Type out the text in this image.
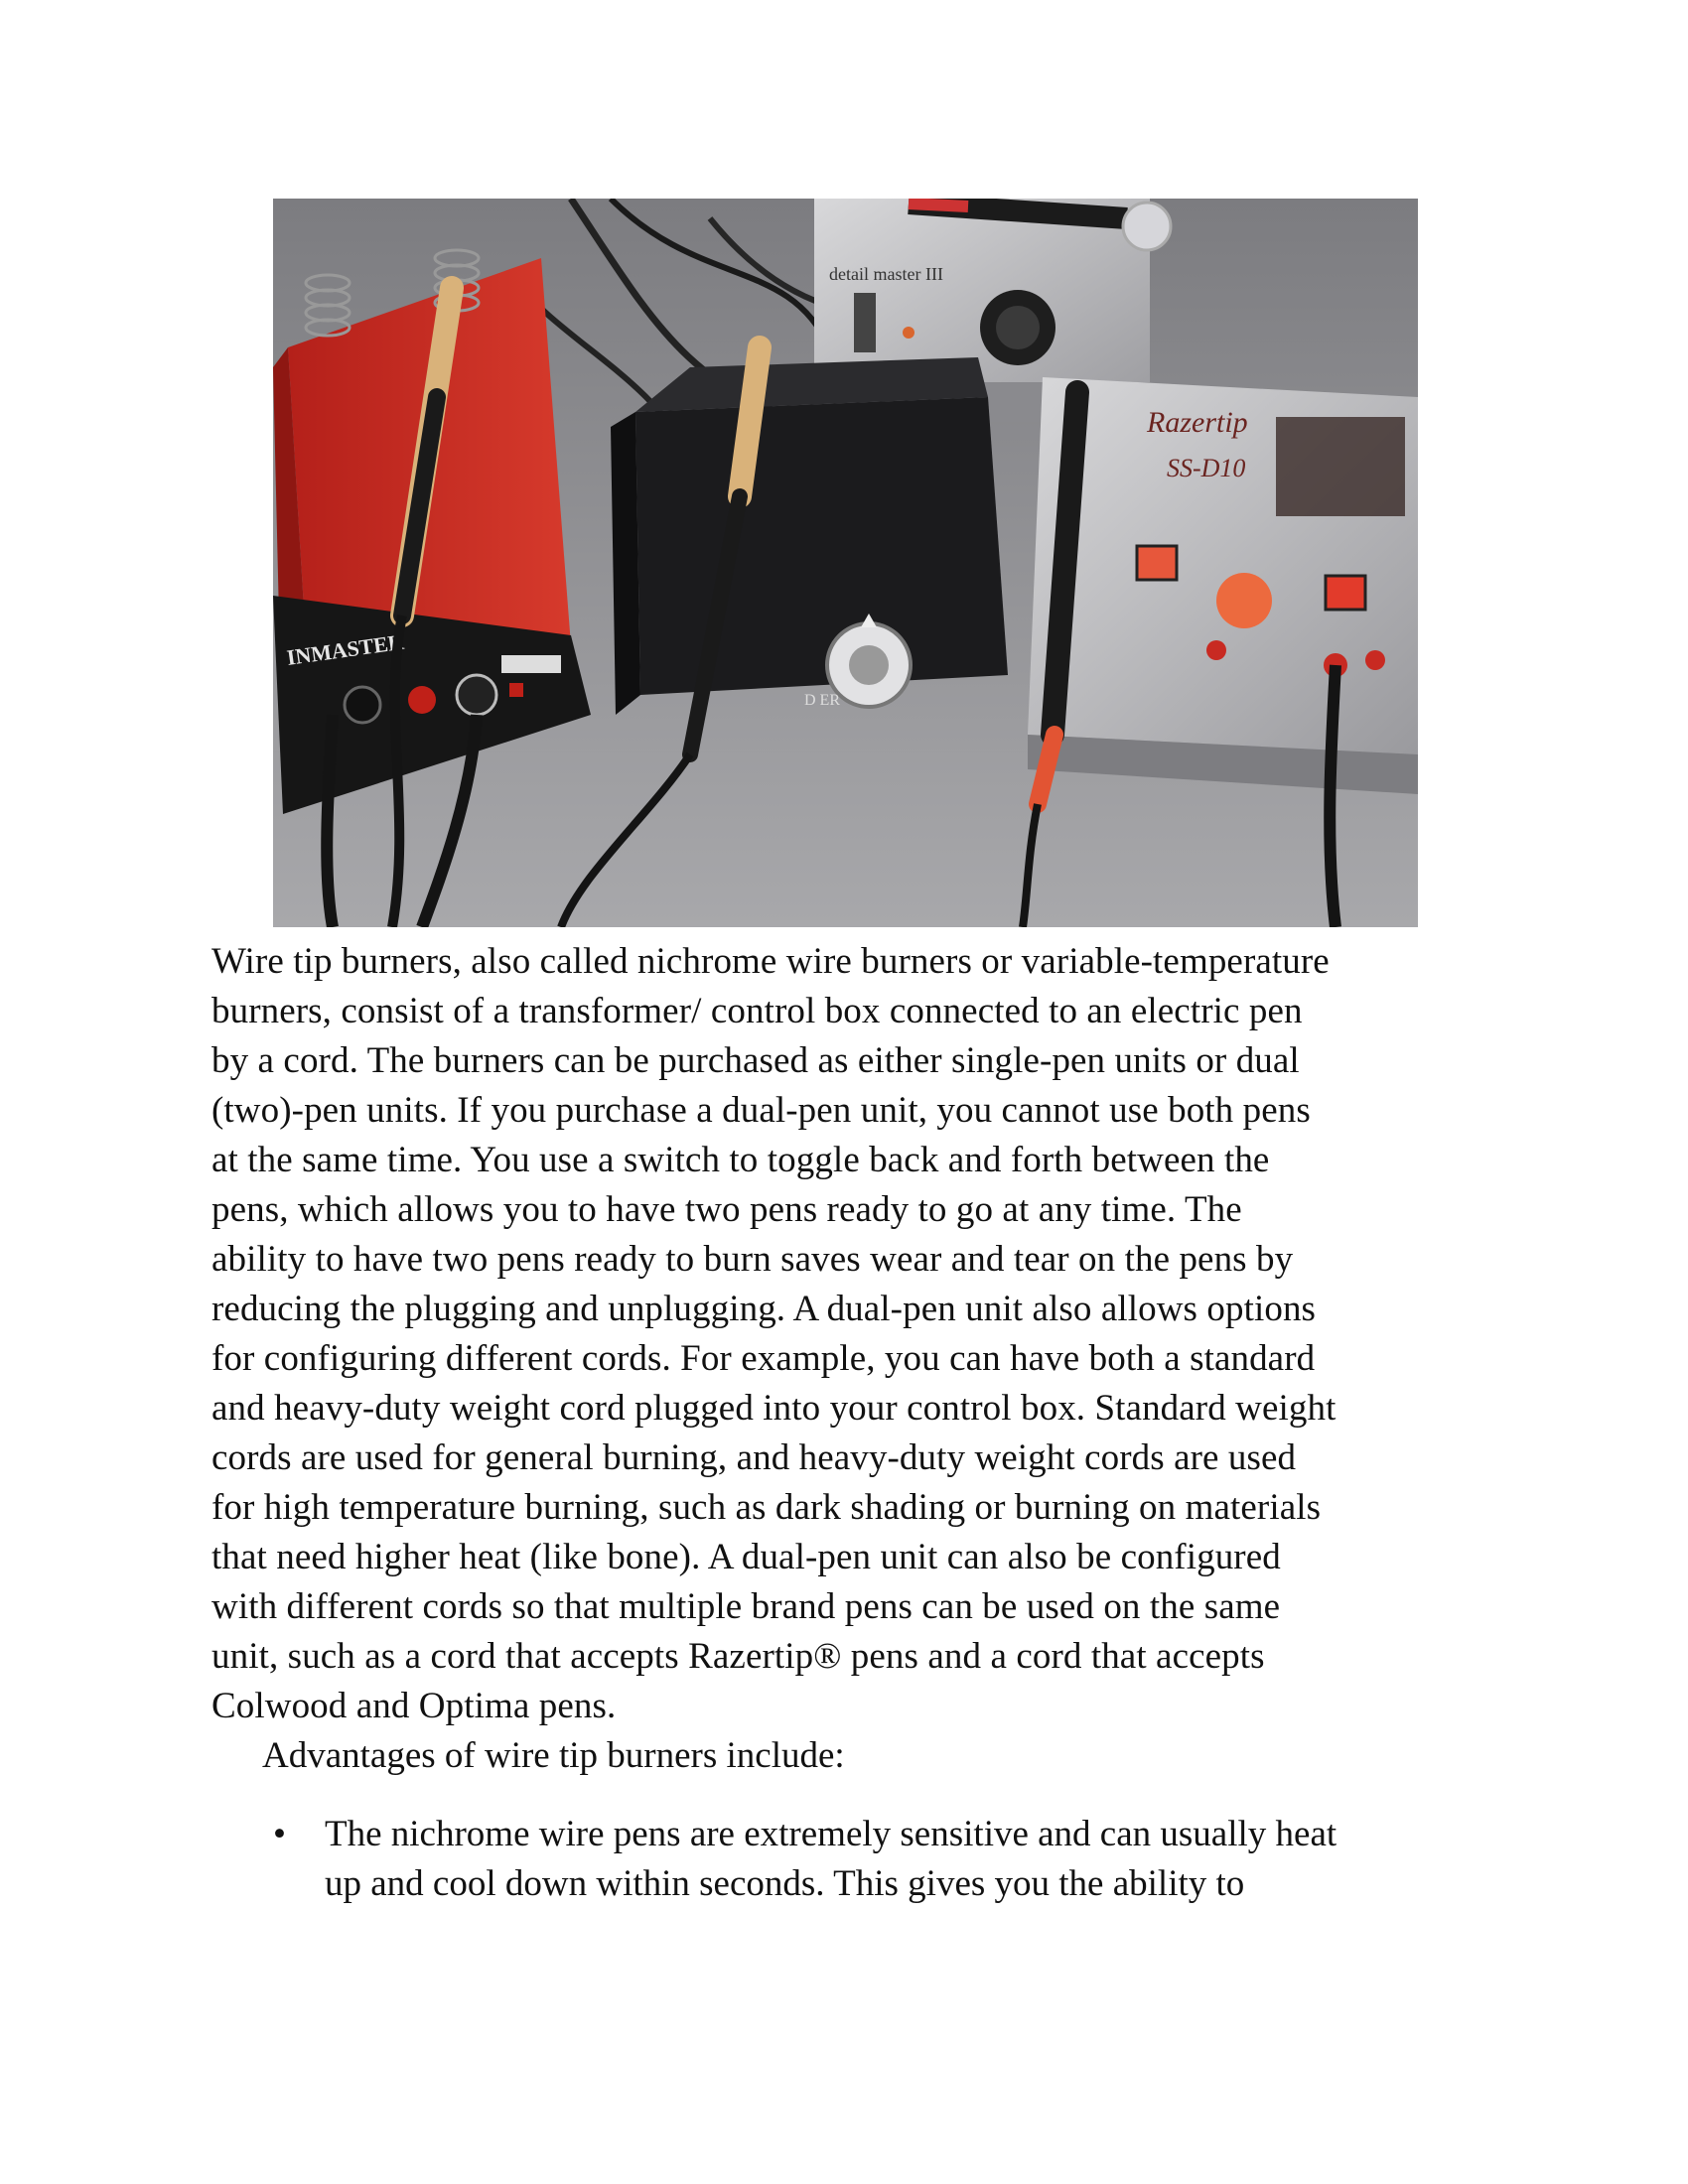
detail master III
INMASTER
D ER
Razertip
SS-D10

Wire tip burners, also called nichrome wire burners or variable-temperature
burners, consist of a transformer/ control box connected to an electric pen
by a cord. The burners can be purchased as either single-pen units or dual
(two)-pen units. If you purchase a dual-pen unit, you cannot use both pens
at the same time. You use a switch to toggle back and forth between the
pens, which allows you to have two pens ready to go at any time. The
ability to have two pens ready to burn saves wear and tear on the pens by
reducing the plugging and unplugging. A dual-pen unit also allows options
for configuring different cords. For example, you can have both a standard
and heavy-duty weight cord plugged into your control box. Standard weight
cords are used for general burning, and heavy-duty weight cords are used
for high temperature burning, such as dark shading or burning on materials
that need higher heat (like bone). A dual-pen unit can also be configured
with different cords so that multiple brand pens can be used on the same
unit, such as a cord that accepts Razertip® pens and a cord that accepts
Colwood and Optima pens.

Advantages of wire tip burners include:

• The nichrome wire pens are extremely sensitive and can usually heat
up and cool down within seconds. This gives you the ability to
